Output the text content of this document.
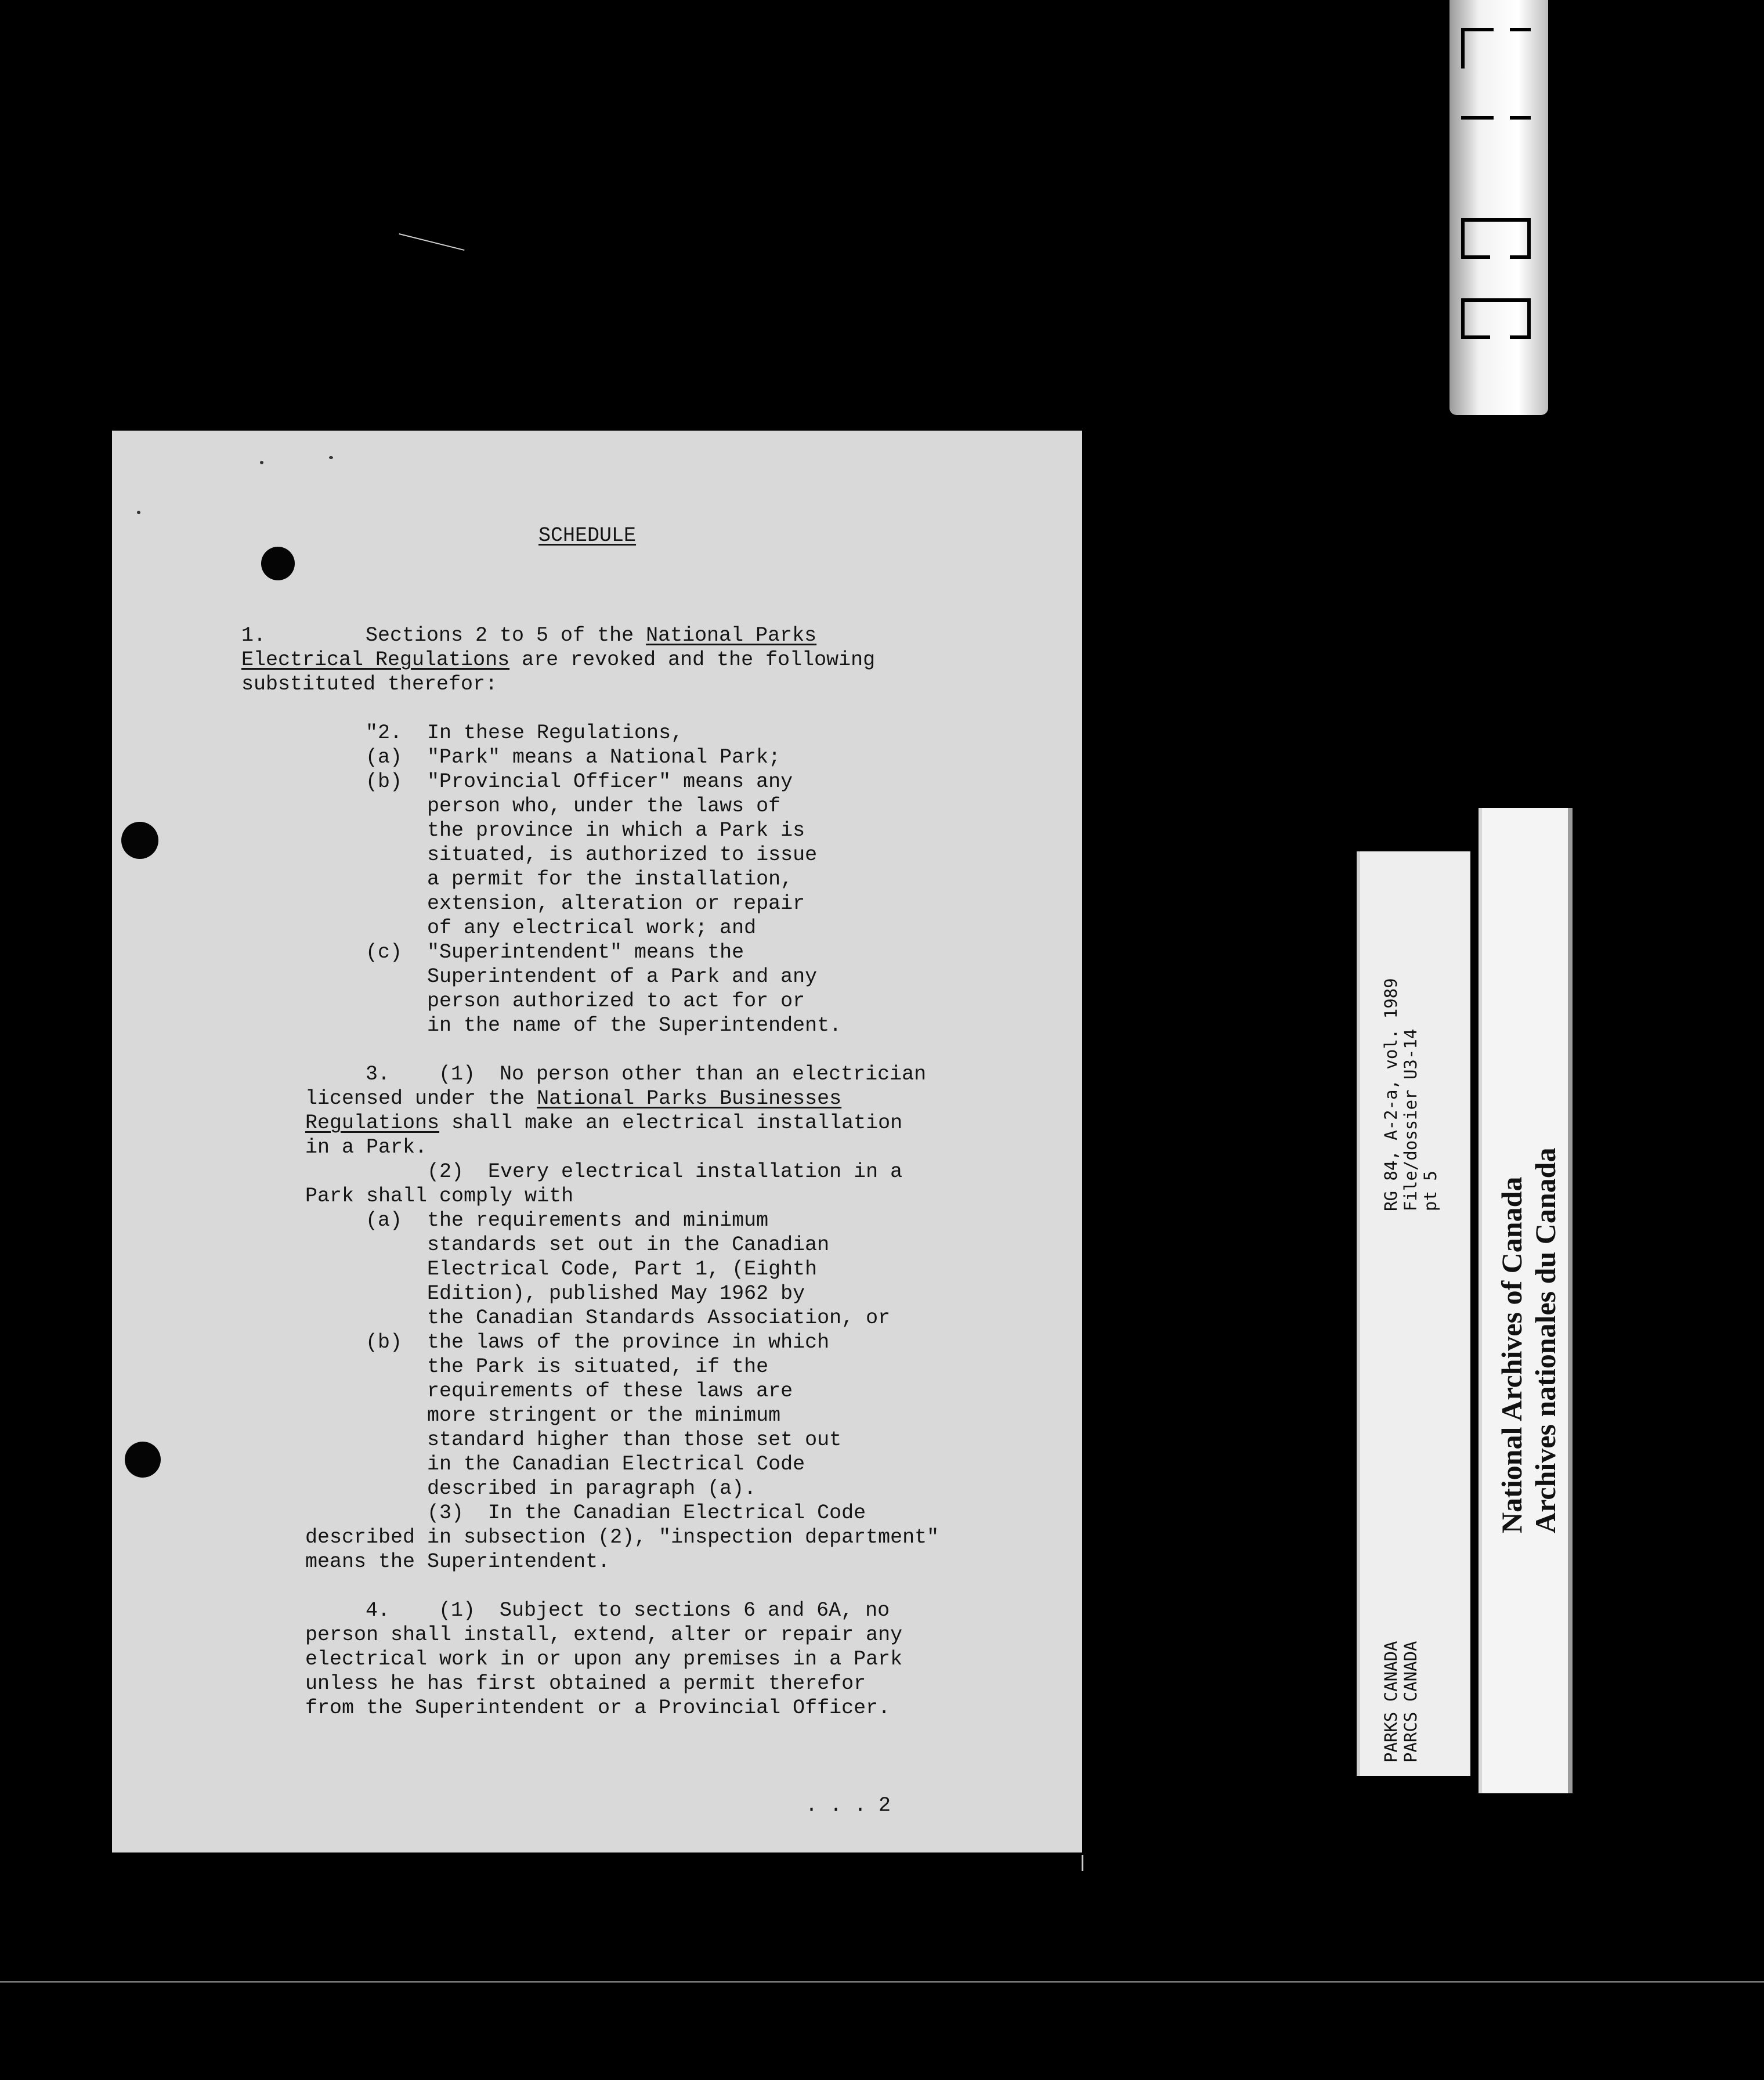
SCHEDULE
1.	Sections 2 to 5 of the National Parks
Electrical Regulations are revoked and the following
substituted therefor:
"2. In these Regulations,
(a) "Park" means a National Park;
(b) "Provincial Officer" means any
person who, under the laws of
the province in which a Park is
situated, is authorized to issue
a permit for the installation,
extension, alteration or repair
of any electrical work; and
(c) "Superintendent" means the
Superintendent of a Park and any
person authorized to act for or
in the name of the Superintendent.
3.    (1)  No person other than an electrician
licensed under the National Parks Businesses
Regulations shall make an electrical installation
in a Park.
(2)  Every electrical installation in a
Park shall comply with
(a) the requirements and minimum
standards set out in the Canadian
Electrical Code, Part 1, (Eighth
Edition), published May 1962 by
the Canadian Standards Association, or
(b) the laws of the province in which
the Park is situated, if the
requirements of these laws are
more stringent or the minimum
standard higher than those set out
in the Canadian Electrical Code
described in paragraph (a).
(3)  In the Canadian Electrical Code
described in subsection (2), "inspection department"
means the Superintendent.
4.    (1)  Subject to sections 6 and 6A, no
person shall install, extend, alter or repair any
electrical work in or upon any premises in a Park
unless he has first obtained a permit therefor
from the Superintendent or a Provincial Officer.
. . . 2
RG 84, A-2-a, vol. 1989 File/dossier U3-14 pt 5
PARKS CANADA PARCS CANADA
National Archives of Canada Archives nationales du Canada
